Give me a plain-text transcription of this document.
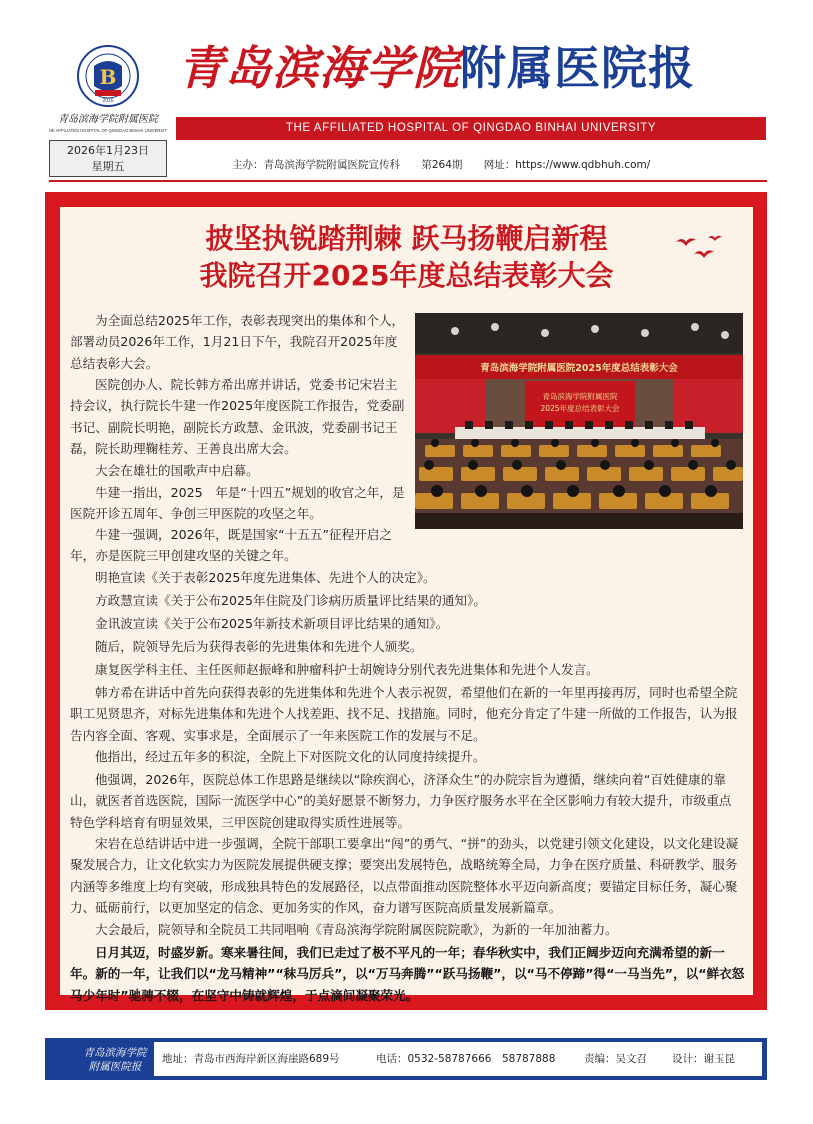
B
2016
青岛滨海学院附属医院
THE AFFILIATED HOSPITAL OF QINGDAO BINHAI UNIVERSITY
青岛滨海学院附属医院报
THE AFFILIATED HOSPITAL OF QINGDAO BINHAI UNIVERSITY
2026年1月23日
星期五	主办：青岛滨海学院附属医院宣传科 第264期 网址：https://www.qdbhuh.com/
披坚执锐踏荆棘 跃马扬鞭启新程
我院召开2025年度总结表彰大会
青岛滨海学院附属医院2025年度总结表彰大会
青岛滨海学院附属医院
2025年度总结表彰大会

为全面总结2025年工作，表彰表现突出的集体和个人，部署动员2026年工作，1月21日下午，我院召开2025年度总结表彰大会。

医院创办人、院长韩方希出席并讲话，党委书记宋岩主持会议，执行院长牛建一作2025年度医院工作报告，党委副书记、副院长明艳，副院长方政慧、金讯波，党委副书记王磊，院长助理鞠桂芳、王善良出席大会。

大会在雄壮的国歌声中启幕。

牛建一指出，2025　年是“十四五”规划的收官之年，是医院开诊五周年、争创三甲医院的攻坚之年。

牛建一强调，2026年，既是国家“十五五”征程开启之年，亦是医院三甲创建攻坚的关键之年。

明艳宣读《关于表彰2025年度先进集体、先进个人的决定》。

方政慧宣读《关于公布2025年住院及门诊病历质量评比结果的通知》。

金讯波宣读《关于公布2025年新技术新项目评比结果的通知》。

随后，院领导先后为获得表彰的先进集体和先进个人颁奖。

康复医学科主任、主任医师赵振峰和肿瘤科护士胡婉诗分别代表先进集体和先进个人发言。

韩方希在讲话中首先向获得表彰的先进集体和先进个人表示祝贺，希望他们在新的一年里再接再厉，同时也希望全院职工见贤思齐，对标先进集体和先进个人找差距、找不足、找措施。同时，他充分肯定了牛建一所做的工作报告，认为报告内容全面、客观、实事求是，全面展示了一年来医院工作的发展与不足。

他指出，经过五年多的积淀，全院上下对医院文化的认同度持续提升。

他强调，2026年，医院总体工作思路是继续以“除疾润心，济泽众生”的办院宗旨为遵循，继续向着“百姓健康的靠山，就医者首选医院，国际一流医学中心”的美好愿景不断努力，力争医疗服务水平在全区影响力有较大提升，市级重点特色学科培育有明显效果，三甲医院创建取得实质性进展等。

宋岩在总结讲话中进一步强调，全院干部职工要拿出“闯”的勇气、“拼”的劲头，以党建引领文化建设，以文化建设凝聚发展合力，让文化软实力为医院发展提供硬支撑；要突出发展特色，战略统筹全局，力争在医疗质量、科研教学、服务内涵等多维度上均有突破，形成独具特色的发展路径，以点带面推动医院整体水平迈向新高度；要锚定目标任务，凝心聚力、砥砺前行，以更加坚定的信念、更加务实的作风，奋力谱写医院高质量发展新篇章。

大会最后，院领导和全院员工共同唱响《青岛滨海学院附属医院院歌》，为新的一年加油蓄力。

日月其迈，时盛岁新。寒来暑往间，我们已走过了极不平凡的一年；春华秋实中，我们正阔步迈向充满希望的新一年。新的一年，让我们以“龙马精神”“秣马厉兵”，以“万马奔腾”“跃马扬鞭”，以“马不停蹄”得“一马当先”，以“鲜衣怒马少年时”驰骋不辍，在坚守中铸就辉煌，于点滴间凝聚荣光。

青岛滨海学院
附属医院报
地址：青岛市西海岸新区海崖路689号	电话：0532-58787666　58787888	责编：吴文召 设计：谢玉昆
